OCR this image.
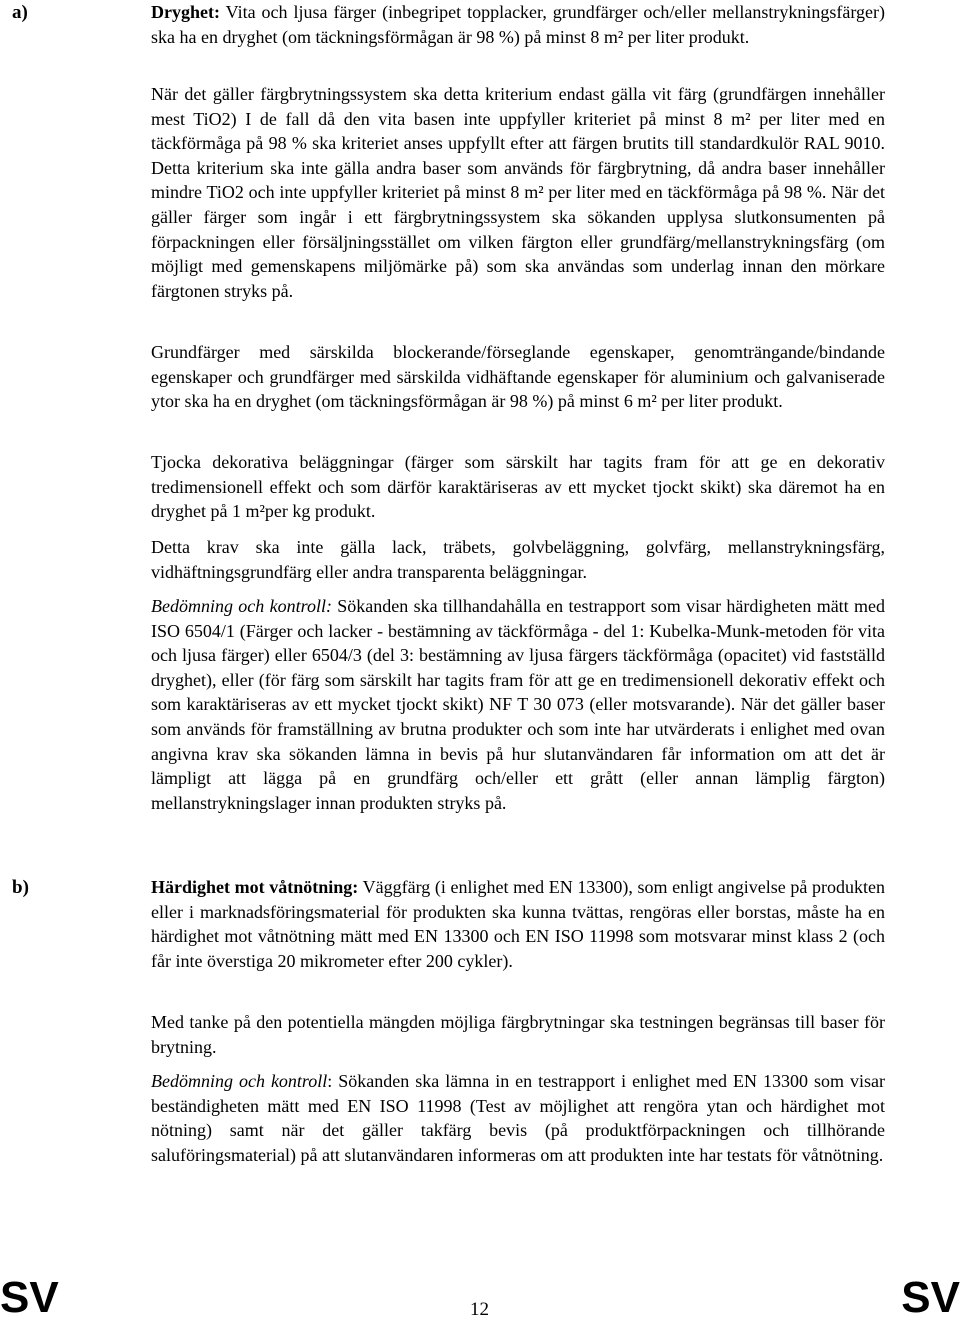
a)	Dryghet: Vita och ljusa färger (inbegripet topplacker, grundfärger och/eller mellanstrykningsfärger) ska ha en dryghet (om täckningsförmågan är 98 %) på minst 8 m² per liter produkt.

När det gäller färgbrytningssystem ska detta kriterium endast gälla vit färg (grundfärgen innehåller mest TiO2) I de fall då den vita basen inte uppfyller kriteriet på minst 8 m² per liter med en täckförmåga på 98 % ska kriteriet anses uppfyllt efter att färgen brutits till standardkulör RAL 9010. Detta kriterium ska inte gälla andra baser som används för färgbrytning, då andra baser innehåller mindre TiO2 och inte uppfyller kriteriet på minst 8 m² per liter med en täckförmåga på 98 %. När det gäller färger som ingår i ett färgbrytningssystem ska sökanden upplysa slutkonsumenten på förpackningen eller försäljningsstället om vilken färgton eller grundfärg/mellanstrykningsfärg (om möjligt med gemenskapens miljömärke på) som ska användas som underlag innan den mörkare färgtonen stryks på.

Grundfärger med särskilda blockerande/förseglande egenskaper, genomträngande/bindande egenskaper och grundfärger med särskilda vidhäftande egenskaper för aluminium och galvaniserade ytor ska ha en dryghet (om täckningsförmågan är 98 %) på minst 6 m² per liter produkt.

Tjocka dekorativa beläggningar (färger som särskilt har tagits fram för att ge en dekorativ tredimensionell effekt och som därför karaktäriseras av ett mycket tjockt skikt) ska däremot ha en dryghet på 1 m²per kg produkt.

Detta krav ska inte gälla lack, träbets, golvbeläggning, golvfärg, mellanstrykningsfärg, vidhäftningsgrundfärg eller andra transparenta beläggningar.

Bedömning och kontroll: Sökanden ska tillhandahålla en testrapport som visar härdigheten mätt med ISO 6504/1 (Färger och lacker - bestämning av täckförmåga - del 1: Kubelka-Munk-metoden för vita och ljusa färger) eller 6504/3 (del 3: bestämning av ljusa färgers täckförmåga (opacitet) vid fastställd dryghet), eller (för färg som särskilt har tagits fram för att ge en tredimensionell dekorativ effekt och som karaktäriseras av ett mycket tjockt skikt) NF T 30 073 (eller motsvarande). När det gäller baser som används för framställning av brutna produkter och som inte har utvärderats i enlighet med ovan angivna krav ska sökanden lämna in bevis på hur slutanvändaren får information om att det är lämpligt att lägga på en grundfärg och/eller ett grått (eller annan lämplig färgton) mellanstrykningslager innan produkten stryks på.

b)	Härdighet mot våtnötning: Väggfärg (i enlighet med EN 13300), som enligt angivelse på produkten eller i marknadsföringsmaterial för produkten ska kunna tvättas, rengöras eller borstas, måste ha en härdighet mot våtnötning mätt med EN 13300 och EN ISO 11998 som motsvarar minst klass 2 (och får inte överstiga 20 mikrometer efter 200 cykler).

Med tanke på den potentiella mängden möjliga färgbrytningar ska testningen begränsas till baser för brytning.

Bedömning och kontroll: Sökanden ska lämna in en testrapport i enlighet med EN 13300 som visar beständigheten mätt med EN ISO 11998 (Test av möjlighet att rengöra ytan och härdighet mot nötning) samt när det gäller takfärg bevis (på produktförpackningen och tillhörande saluföringsmaterial) på att slutanvändaren informeras om att produkten inte har testats för våtnötning.

SV	12	SV
